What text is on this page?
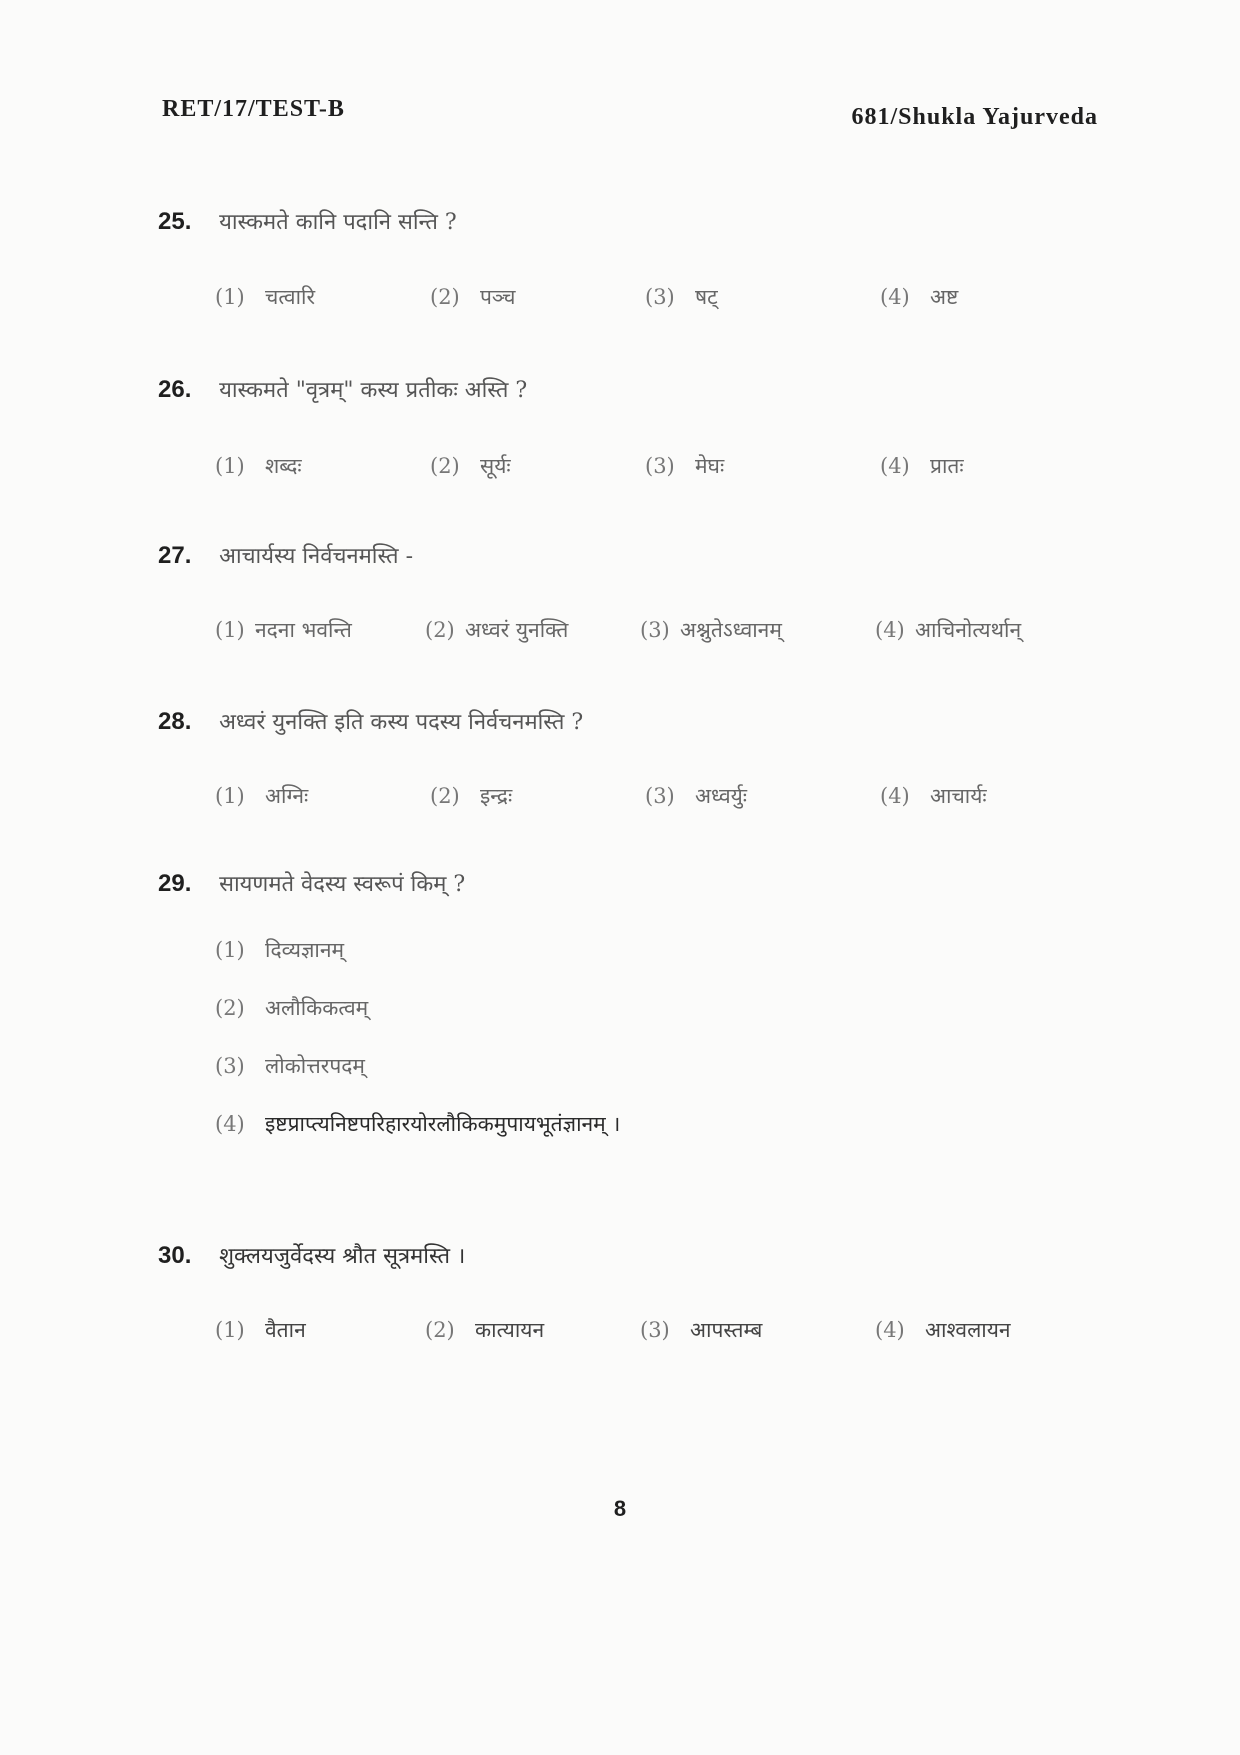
RET/17/TEST-B	681/Shukla Yajurveda
25. यास्कमते कानि पदानि सन्ति ?
(1) चत्वारि	(2) पञ्च	(3) षट्	(4) अष्ट
26. यास्कमते "वृत्रम्" कस्य प्रतीकः अस्ति ?
(1) शब्दः	(2) सूर्यः	(3) मेघः	(4) प्रातः
27. आचार्यस्य निर्वचनमस्ति -
(1) नदना भवन्ति	(2) अध्वरं युनक्ति	(3) अश्नुतेऽध्वानम्	(4) आचिनोत्यर्थान्
28. अध्वरं युनक्ति इति कस्य पदस्य निर्वचनमस्ति ?
(1) अग्निः	(2) इन्द्रः	(3) अध्वर्युः	(4) आचार्यः
29. सायणमते वेदस्य स्वरूपं किम् ?
(1) दिव्यज्ञानम्
(2) अलौकिकत्वम्
(3) लोकोत्तरपदम्
(4) इष्टप्राप्त्यनिष्टपरिहारयोरलौकिकमुपायभूतंज्ञानम् ।
30. शुक्लयजुर्वेदस्य श्रौत सूत्रमस्ति ।
(1) वैतान	(2) कात्यायन	(3) आपस्तम्ब	(4) आश्वलायन
8
